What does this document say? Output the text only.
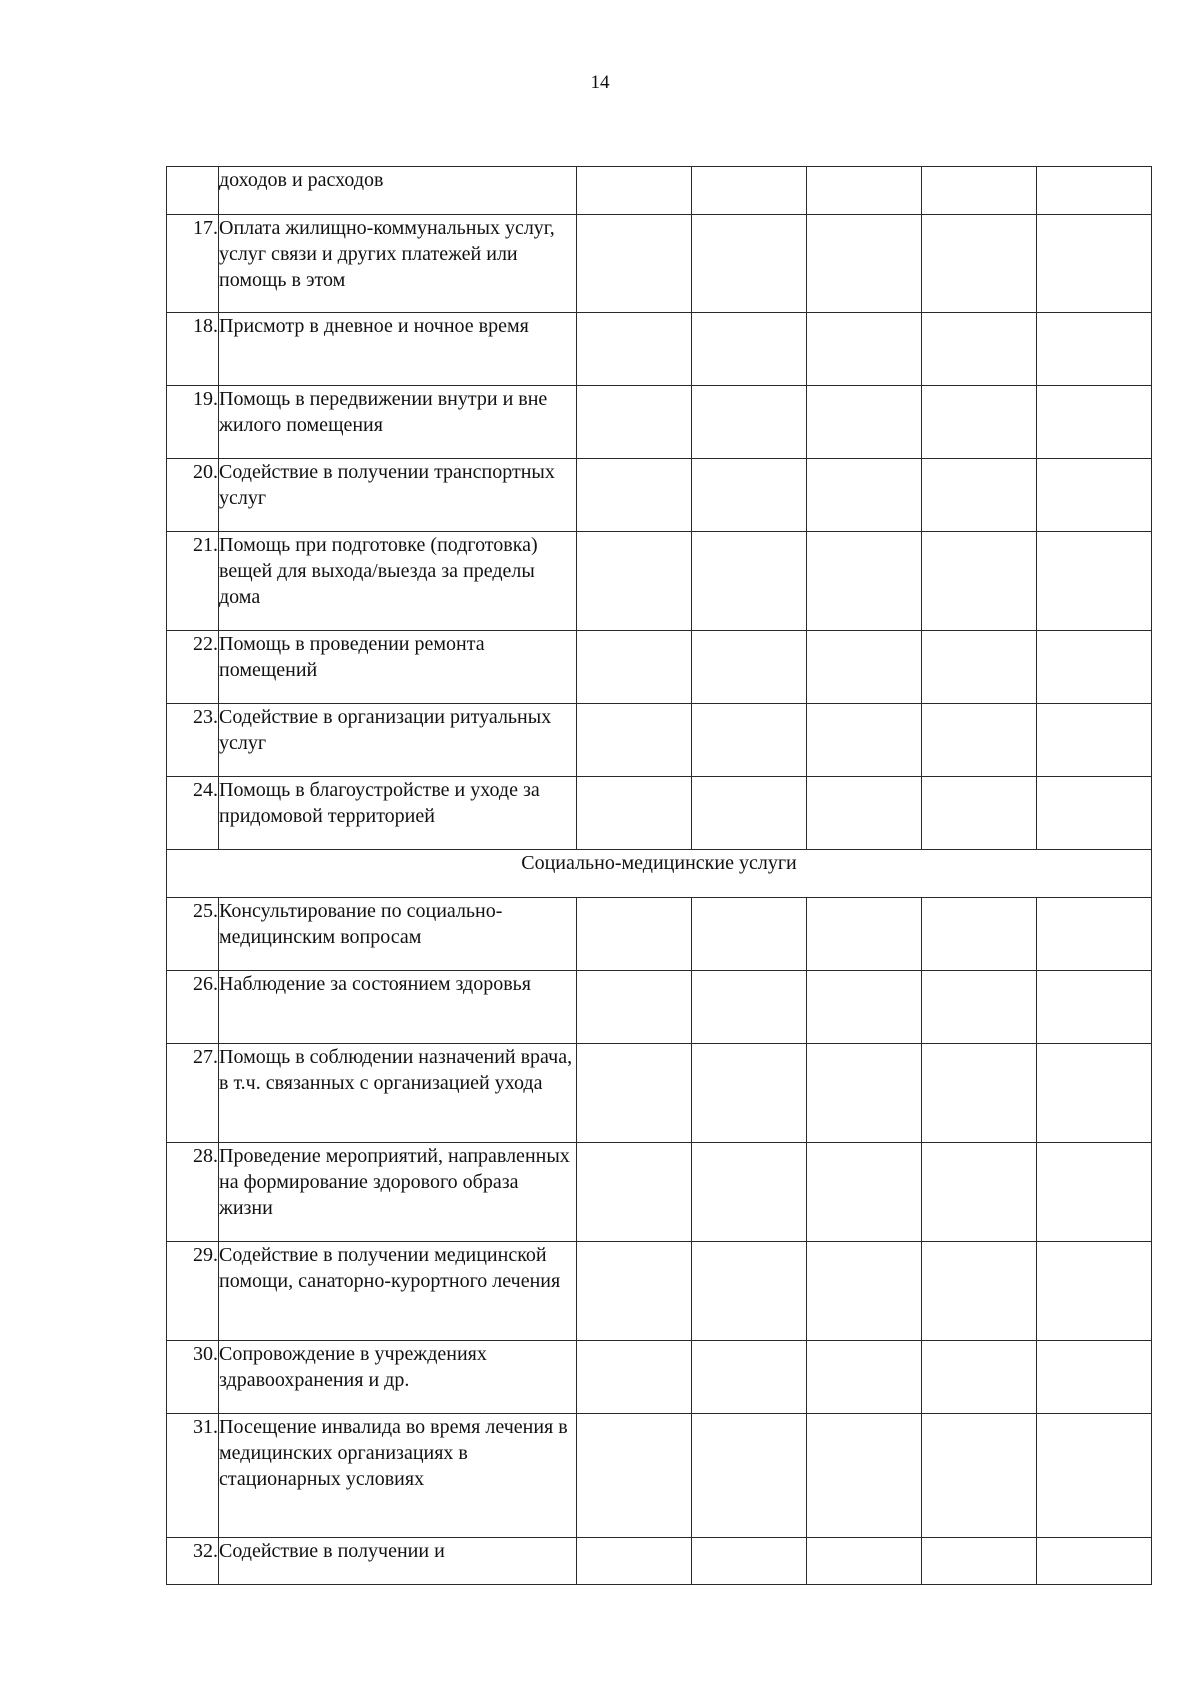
14
	доходов и расходов					
17.	Оплата жилищно-коммунальных услуг, услуг связи и других платежей или помощь в этом					
18.	Присмотр в дневное и ночное время					
19.	Помощь в передвижении внутри и вне жилого помещения					
20.	Содействие в получении транспортных услуг					
21.	Помощь при подготовке (подготовка) вещей для выхода/выезда за пределы дома					
22.	Помощь в проведении ремонта помещений					
23.	Содействие в организации ритуальных услуг					
24.	Помощь в благоустройстве и уходе за придомовой территорией					
Социально-медицинские услуги						
25.	Консультирование по социально-медицинским вопросам					
26.	Наблюдение за состоянием здоровья					
27.	Помощь в соблюдении назначений врача, в т.ч. связанных с организацией ухода					
28.	Проведение мероприятий, направленных на формирование здорового образа жизни					
29.	Содействие в получении медицинской помощи, санаторно-курортного лечения					
30.	Сопровождение в учреждениях здравоохранения и др.					
31.	Посещение инвалида во время лечения в медицинских организациях в стационарных условиях					
32.	Содействие в получении и					
